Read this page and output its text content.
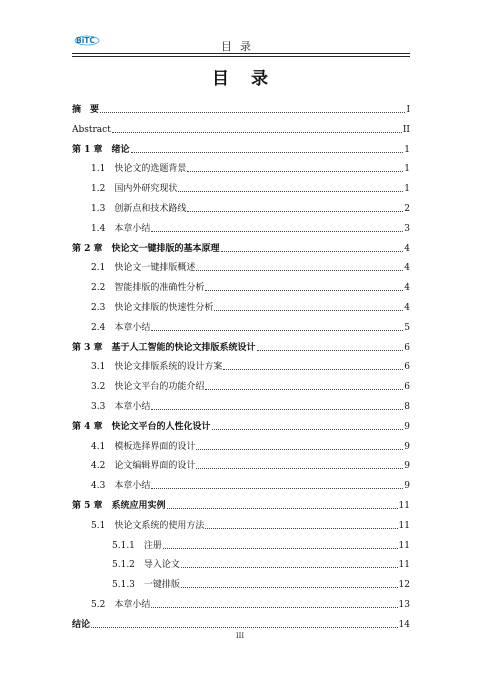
BiTC	目录
目录
摘　要	I
Abstract	II
第 1 章　绪论	1
1.1　快论文的选题背景	1
1.2　国内外研究现状	1
1.3　创新点和技术路线	2
1.4　本章小结	3
第 2 章　快论文一键排版的基本原理	4
2.1　快论文一键排版概述	4
2.2　智能排版的准确性分析	4
2.3　快论文排版的快速性分析	4
2.4　本章小结	5
第 3 章　基于人工智能的快论文排版系统设计	6
3.1　快论文排版系统的设计方案	6
3.2　快论文平台的功能介绍	6
3.3　本章小结	8
第 4 章　快论文平台的人性化设计	9
4.1　模板选择界面的设计	9
4.2　论文编辑界面的设计	9
4.3　本章小结	9
第 5 章　系统应用实例	11
5.1　快论文系统的使用方法	11
5.1.1　注册	11
5.1.2　导入论文	11
5.1.3　一键排版	12
5.2　本章小结	13
结论	14
III
